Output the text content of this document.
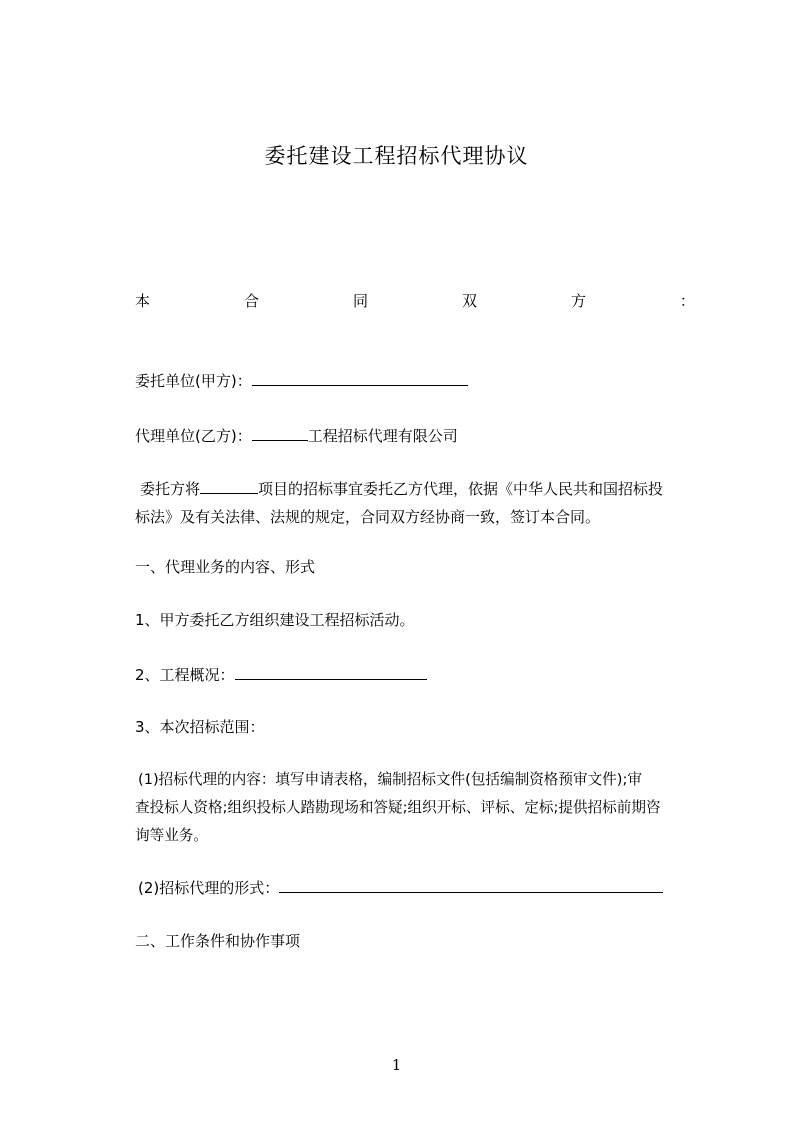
委托建设工程招标代理协议
本	合	同	双	方	：
委托单位(甲方)：
代理单位(乙方)：	工程招标代理有限公司

委托方将	项目的招标事宜委托乙方代理，依据《中华人民共和国招标投

标法》及有关法律、法规的规定，合同双方经协商一致，签订本合同。

一、代理业务的内容、形式
1、甲方委托乙方组织建设工程招标活动。
2、工程概况：
3、本次招标范围：

(1)招标代理的内容：填写申请表格，编制招标文件(包括编制资格预审文件);审

查投标人资格;组织投标人踏勘现场和答疑;组织开标、评标、定标;提供招标前期咨

询等业务。

(2)招标代理的形式：
二、工作条件和协作事项
1
